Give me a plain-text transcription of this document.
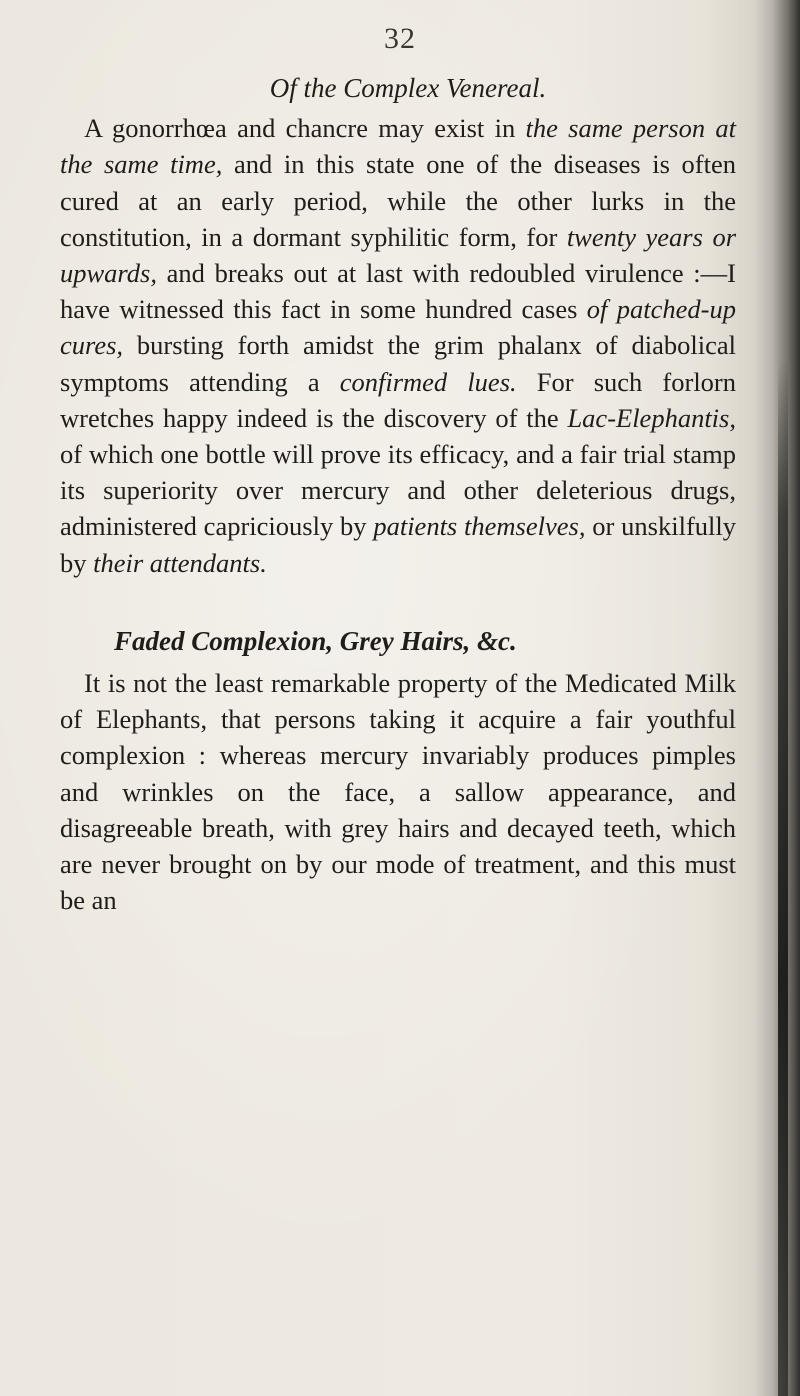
32

Of the Complex Venereal.

A gonorrhœa and chancre may exist in the same person at the same time, and in this state one of the diseases is often cured at an early period, while the other lurks in the constitution, in a dormant syphilitic form, for twenty years or upwards, and breaks out at last with redoubled virulence :—I have witnessed this fact in some hundred cases of patched-up cures, bursting forth amidst the grim phalanx of diabolical symptoms attending a confirmed lues. For such forlorn wretches happy indeed is the discovery of the Lac-Elephantis, of which one bottle will prove its efficacy, and a fair trial stamp its superiority over mercury and other deleterious drugs, administered capriciously by patients themselves, or unskilfully by their attendants.

Faded Complexion, Grey Hairs, &c.

It is not the least remarkable property of the Medicated Milk of Elephants, that persons taking it acquire a fair youthful complexion : whereas mercury invariably produces pimples and wrinkles on the face, a sallow appearance, and disagreeable breath, with grey hairs and decayed teeth, which are never brought on by our mode of treatment, and this must be an
